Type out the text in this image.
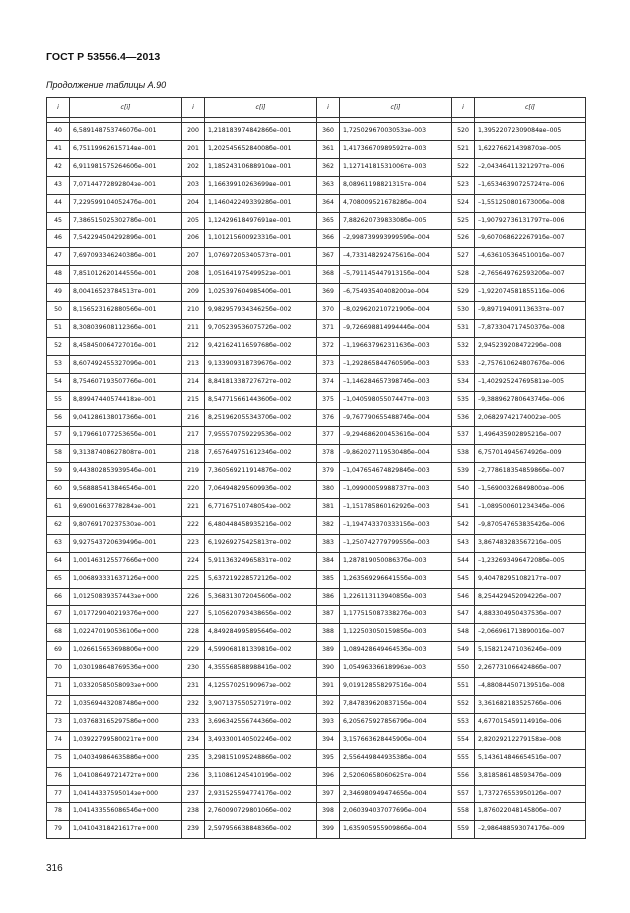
ГОСТ Р 53556.4—2013
Продолжение таблицы А.90
i	c[i]	i	c[i]	i	c[i]	i	c[i]

40	6,58914875374607бe–001	200	1,21818397484286бe–001	360	1,72502967003053зe–003	520	1,39522072309084вe–005
41	6,75119962615714вe–001	201	1,20254565284008бe–001	361	1,41736670989592тe–003	521	1,62276621439870зe–005
42	6,91198157526460бe–001	202	1,18524310688910вe–001	362	1,12714181531006тe–003	522	–2,04346411321297тe–006
43	7,07144772892804зe–001	203	1,16639910263699вe–001	363	8,08961198821315тe–004	523	–1,65346390725724тe–006
44	7,22959910405247бe–001	204	1,14604224933928бe–001	364	4,70800952167828бe–004	524	–1,55125080167300бe–008
45	7,38651502530278бe–001	205	1,12429618497691вe–001	365	7,88262073983308бe–005	525	–1,90792736131797тe–006
46	7,54229450429289бe–001	206	1,10121560092331бe–001	366	–2,99873999399959бe–004	526	–9,60706862226791бe–007
47	7,69709334624038бe–001	207	1,07697205340573тe–001	367	–4,73314829247561бe–004	527	–4,63610536451001бe–007
48	7,85101262014455бe–001	208	1,05164197549952зe–001	368	–5,79114544791315бe–004	528	–2,76564976259320бe–007
49	8,00416523784513тe–001	209	1,02539760498540бe–001	369	–6,75493540408200зe–004	529	–1,92207458185511бe–006
50	8,15652316288056бe–001	210	9,98295793434625бe–002	370	–8,02962021072190бe–004	530	–9,89719409113633тe–007
51	8,30803960811236бe–001	211	9,70523953607572бe–002	371	–9,72669881499444бe–004	531	–7,87330471745037бe–008
52	8,45845006472701бe–001	212	9,42162411659768бe–002	372	–1,19663796231163бe–003	532	2,94523920847229бe–008
53	8,60749245532709бe–001	213	9,13390931873967бe–002	373	–1,29286584476059бe–003	533	–2,75761062480767бe–006
54	8,75460719350776бe–001	214	8,84181338727672тe–002	374	–1,14628465739874бe–003	534	–1,40292524769581зe–005
55	8,89947440574418зe–001	215	8,54771566144360бe–002	375	–1,04059805507447тe–003	535	–9,38896278064374бe–006
56	9,04128613801736бe–001	216	8,25196205534370бe–002	376	–9,76779065548874бe–004	536	2,06829742174002зe–005
57	9,17966107725365бe–001	217	7,95557075922953бe–002	377	–9,29468620045361бe–004	537	1,49643590289521бe–007
58	9,31387408627808тe–001	218	7,65764975161234бe–002	378	–9,86202711953048бe–004	538	6,75701494567492бe–009
59	9,44380285393954бe–001	219	7,36056921191487бe–002	379	–1,04765467482984бe–003	539	–2,77861835485986бe–007
60	9,56888541384654бe–001	220	7,06494829560993бe–002	380	–1,09900059988737тe–003	540	–1,56900326849800зe–006
61	9,69001663778284зe–001	221	6,77167510748054зe–002	381	–1,15178586016292бe–003	541	–1,08950060123434бe–006
62	9,80769170237530зe–001	222	6,48044845893521бe–002	382	–1,19474337033315бe–003	542	–9,87054765383542бe–006
63	9,92754372063949бe–001	223	6,19269275425813тe–002	383	–1,25074277979955бe–003	543	3,86748328356721бe–005
64	1,00146312557766бe+000	224	5,91136324965831тe–002	384	1,28781905008637бe–003	544	–1,23269349647208бe–005
65	1,00689333163712бe+000	225	5,63721922857212бe–002	385	1,26356929664155бe–003	545	9,40478295108217тe–007
66	1,01250839357443зe+000	226	5,36831307204560бe–002	386	1,22611311394085бe–003	546	8,25442945209422бe–007
67	1,01772904021937бe+000	227	5,10562079343865бe–002	387	1,17751508733827бe–003	547	4,88330495043753бe–007
68	1,02247019053610бe+000	228	4,84928499589564бe–002	388	1,12250305015985бe–003	548	–2,06696171389001бe–007
69	1,02661565369880бe+000	229	4,59906818133981бe–002	389	1,08942864946453бe–003	549	5,15821247103624бe–009
70	1,03019864876953бe+000	230	4,35556858898841бe–002	390	1,05496336618996зe–003	550	2,26773106642486бe–007
71	1,03320585058093зe+000	231	4,12557025190967зe–002	391	9,01912855829751бe–004	551	–4,88084450713951бe–008
72	1,03569443208748бe+000	232	3,90713755052719тe–002	392	7,84783962083715бe–004	552	3,36168218352576бe–006
73	1,03768316529758бe+000	233	3,69634255674436бe–002	393	6,20567592785679бe–004	553	4,67701545911491бe–006
74	1,03922799580021тe+000	234	3,49330014050224бe–002	394	3,15766362844590бe–004	554	2,82029212279158зe–008
75	1,04034986463588бe+000	235	3,29815109524886бe–002	395	2,55644984493538бe–004	555	5,14361484665451бe–007
76	1,04108649721472тe+000	236	3,11086124541019бe–002	396	2,52060658060625тe–004	556	3,81858614859347бe–009
77	1,04144337595014зe+000	237	2,93152559477417бe–002	397	2,34698094947465бe–004	557	1,73727655395012бe–007
78	1,04143355608654бe+000	238	2,76009072980106бe–002	398	2,06039403707769бe–004	558	1,87602204814580бe–007
79	1,04104318421617тe+000	239	2,59795663884836бe–002	399	1,63590595590986бe–004	559	–2,98648859307417бe–009
316
